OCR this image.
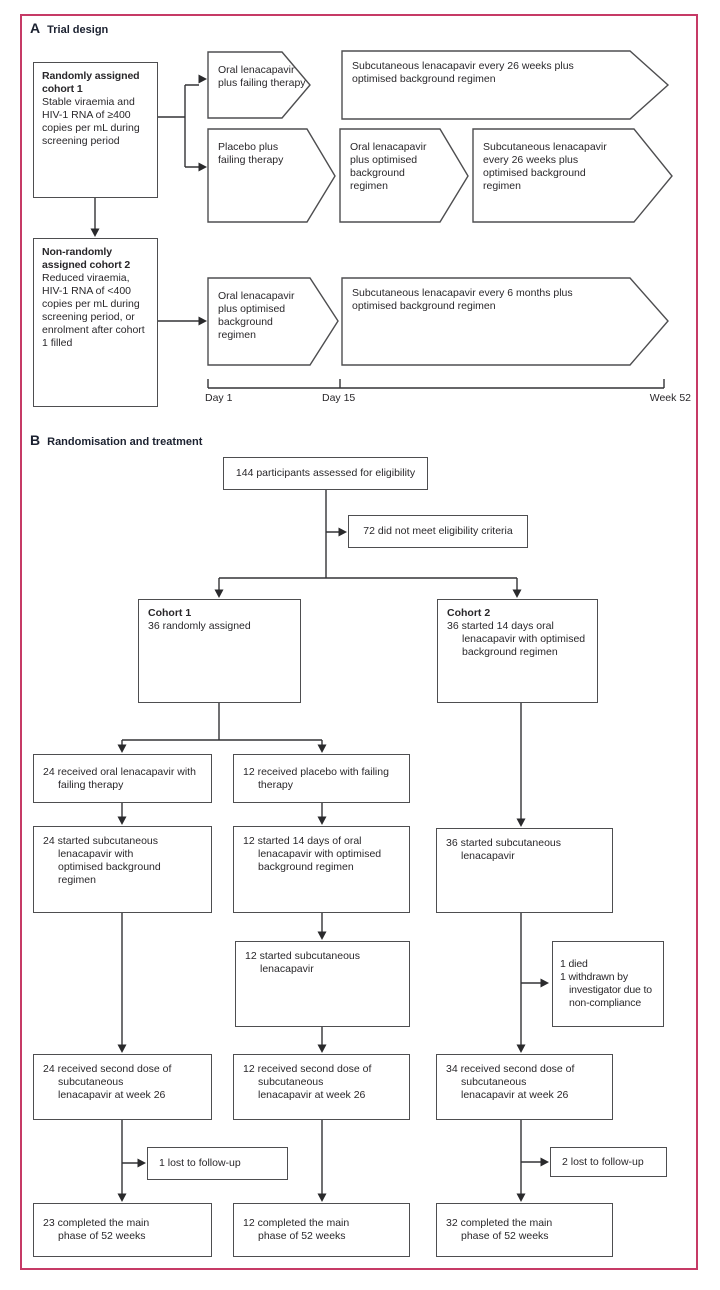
A Trial design
Randomly assigned cohort 1
Stable viraemia and HIV-1 RNA of ≥400 copies per mL during screening period
Non-randomly assigned cohort 2
Reduced viraemia, HIV-1 RNA of <400 copies per mL during screening period, or enrolment after cohort 1 filled
Oral lenacapavir plus failing therapy
Subcutaneous lenacapavir every 26 weeks plus optimised background regimen
Placebo plus failing therapy
Oral lenacapavir plus optimised background regimen
Subcutaneous lenacapavir every 26 weeks plus optimised background regimen
Oral lenacapavir plus optimised background regimen
Subcutaneous lenacapavir every 6 months plus optimised background regimen
Day 1	Day 15	Week 52
B Randomisation and treatment
144 participants assessed for eligibility
72 did not meet eligibility criteria
Cohort 1
36 randomly assigned
Cohort 2
36 started 14 days oral lenacapavir with optimised background regimen
24 received oral lenacapavir with failing therapy
12 received placebo with failing therapy
24 started subcutaneous lenacapavir with optimised background regimen
12 started 14 days of oral lenacapavir with optimised background regimen
36 started subcutaneous lenacapavir
12 started subcutaneous lenacapavir	1 died
1 withdrawn by investigator due to non-compliance
24 received second dose of subcutaneous lenacapavir at week 26
12 received second dose of subcutaneous lenacapavir at week 26
34 received second dose of subcutaneous lenacapavir at week 26
1 lost to follow-up	2 lost to follow-up
23 completed the main phase of 52 weeks
12 completed the main phase of 52 weeks
32 completed the main phase of 52 weeks
